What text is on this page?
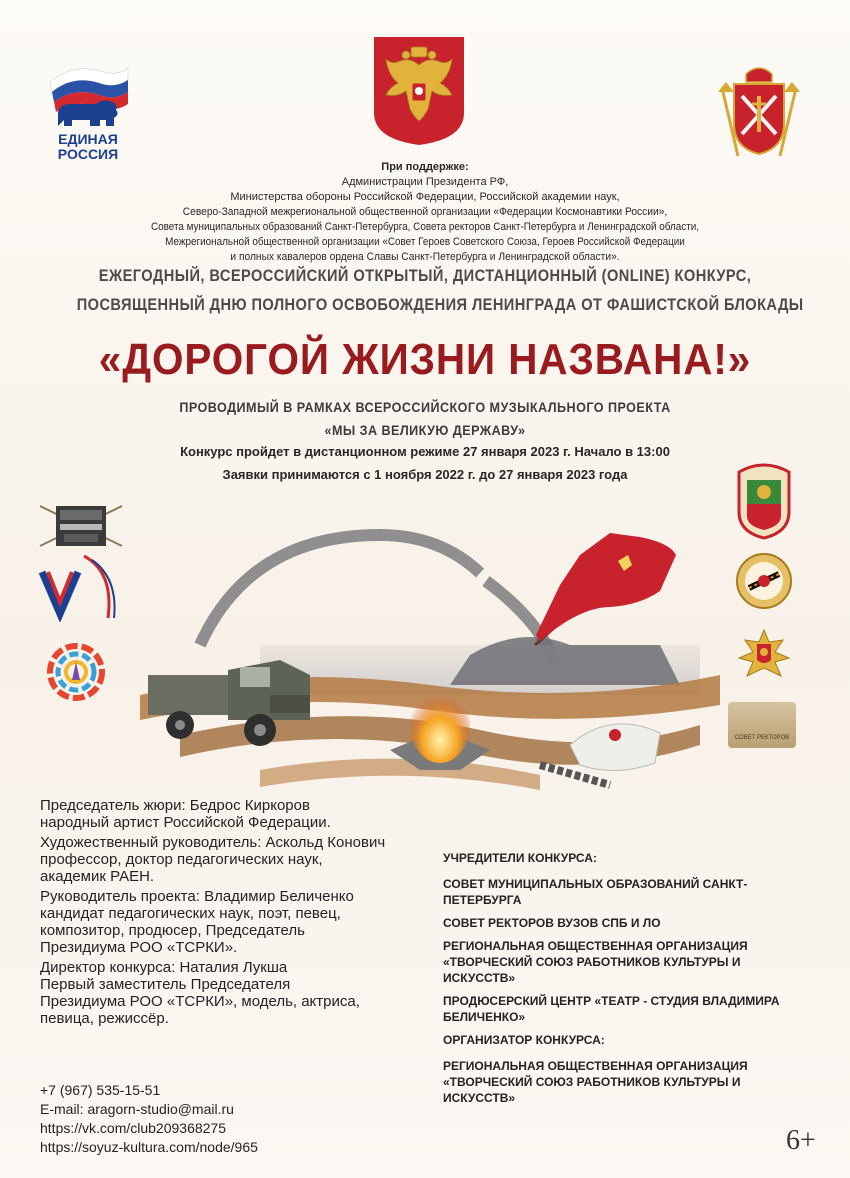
ЕДИНАЯ
РОССИЯ
При поддержке:
Администрации Президента РФ,
Министерства обороны Российской Федерации, Российской академии наук,
Северо-Западной межрегиональной общественной организации «Федерации Космонавтики России»,
Совета муниципальных образований Санкт-Петербурга, Совета ректоров Санкт-Петербурга и Ленинградской области,
Межрегиональной общественной организации «Совет Героев Советского Союза, Героев Российской Федерации
и полных кавалеров ордена Славы Санкт-Петербурга и Ленинградской области».
ЕЖЕГОДНЫЙ, ВСЕРОССИЙСКИЙ ОТКРЫТЫЙ, ДИСТАНЦИОННЫЙ (ONLINE) КОНКУРС,
ПОСВЯЩЕННЫЙ ДНЮ ПОЛНОГО ОСВОБОЖДЕНИЯ ЛЕНИНГРАДА ОТ ФАШИСТСКОЙ БЛОКАДЫ
«ДОРОГОЙ ЖИЗНИ НАЗВАНА!»
ПРОВОДИМЫЙ В РАМКАХ ВСЕРОССИЙСКОГО МУЗЫКАЛЬНОГО ПРОЕКТА
«МЫ ЗА ВЕЛИКУЮ ДЕРЖАВУ»
Конкурс пройдет в дистанционном режиме 27 января 2023 г. Начало в 13:00
Заявки принимаются с 1 ноября 2022 г. до 27 января 2023 года
СОВЕТ РЕКТОРОВ
Председатель жюри: Бедрос Киркоров
народный артист Российской Федерации.
Художественный руководитель: Аскольд Конович
профессор, доктор педагогических наук,
академик РАЕН.
Руководитель проекта: Владимир Беличенко
кандидат педагогических наук, поэт, певец,
композитор, продюсер, Председатель
Президиума РОО «ТСРКИ».
Директор конкурса: Наталия Лукша
Первый заместитель Председателя
Президиума РОО «ТСРКИ», модель, актриса,
певица, режиссёр.
+7 (967) 535-15-51
E-mail: aragorn-studio@mail.ru
https://vk.com/club209368275
https://soyuz-kultura.com/node/965
УЧРЕДИТЕЛИ КОНКУРСА:
СОВЕТ МУНИЦИПАЛЬНЫХ ОБРАЗОВАНИЙ САНКТ-ПЕТЕРБУРГА
СОВЕТ РЕКТОРОВ ВУЗОВ СПБ И ЛО
РЕГИОНАЛЬНАЯ ОБЩЕСТВЕННАЯ ОРГАНИЗАЦИЯ «ТВОРЧЕСКИЙ СОЮЗ РАБОТНИКОВ КУЛЬТУРЫ И ИСКУССТВ»
ПРОДЮСЕРСКИЙ ЦЕНТР «ТЕАТР - СТУДИЯ ВЛАДИМИРА БЕЛИЧЕНКО»
ОРГАНИЗАТОР КОНКУРСА:
РЕГИОНАЛЬНАЯ ОБЩЕСТВЕННАЯ ОРГАНИЗАЦИЯ «ТВОРЧЕСКИЙ СОЮЗ РАБОТНИКОВ КУЛЬТУРЫ И ИСКУССТВ»
6+
